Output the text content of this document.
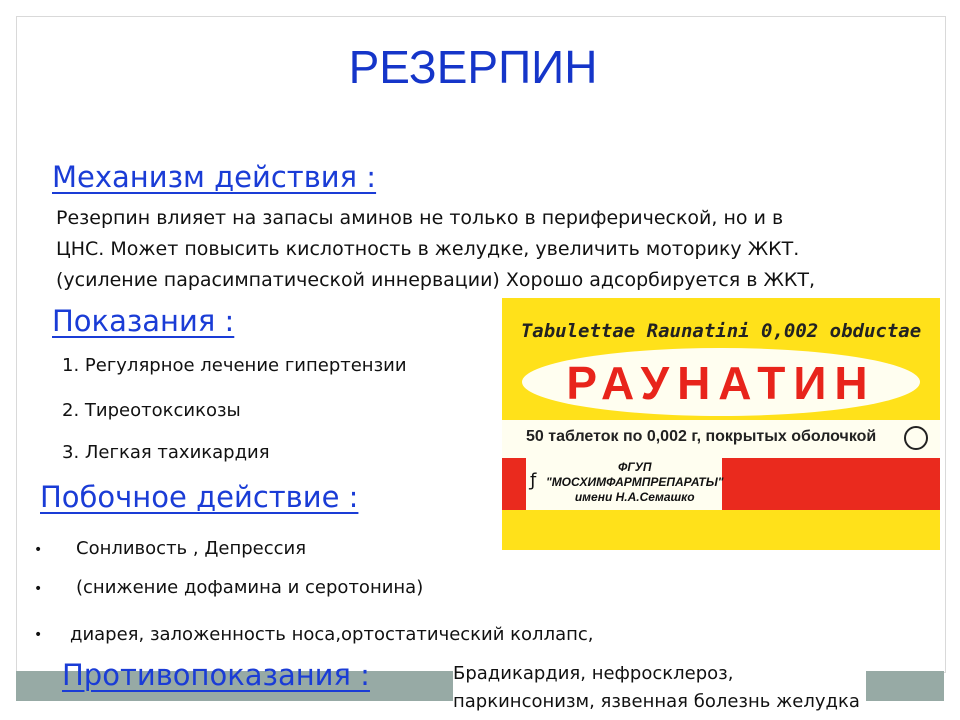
РЕЗЕРПИН
Механизм действия :
Резерпин влияет на запасы аминов не только в периферической, но и в
ЦНС. Может повысить кислотность в желудке, увеличить моторику ЖКТ.
(усиление парасимпатической иннервации) Хорошо адсорбируется в ЖКТ,
Показания :
1. Регулярное лечение гипертензии
2. Тиреотоксикозы
3. Легкая тахикардия
Tabulettae Raunatini 0,002 obductae
РАУНАТИН
50 таблеток по 0,002 г, покрытых оболочкой
ƒ
ФГУП
"МОСХИМФАРМПРЕПАРАТЫ"
имени Н.А.Семашко
Побочное действие :
• Сонливость , Депрессия
• (снижение дофамина и серотонина)
• диарея, заложенность носа,ортостатический коллапс,
Противопоказания :	Брадикардия, нефросклероз,
паркинсонизм, язвенная болезнь желудка
